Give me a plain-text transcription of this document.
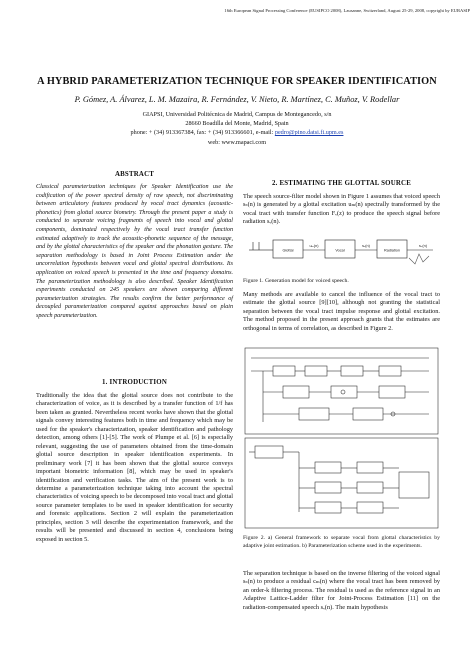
16th European Signal Processing Conference (EUSIPCO 2008), Lausanne, Switzerland, August 25-29, 2008, copyright by EURASIP
A HYBRID PARAMETERIZATION TECHNIQUE FOR SPEAKER IDENTIFICATION
P. Gómez, A. Álvarez, L. M. Mazaira, R. Fernández, V. Nieto, R. Martínez, C. Muñoz, V. Rodellar
GIAPSI, Universidad Politécnica de Madrid, Campus de Montegancedo, s/n
28660 Boadilla del Monte, Madrid, Spain
phone: + (34) 913367384, fax: + (34) 913366601, e-mail: pedro@pino.datsi.fi.upm.es
web: www.mapaci.com
ABSTRACT
Classical parameterization techniques for Speaker Identification use the codification of the power spectral density of raw speech, not discriminating between articulatory features produced by vocal tract dynamics (acoustic-phonetics) from glottal source biometry. Through the present paper a study is conducted to separate voicing fragments of speech into vocal and glottal components, dominated respectively by the vocal tract transfer function estimated adaptively to track the acoustic-phonetic sequence of the message, and by the glottal characteristics of the speaker and the phonation gesture. The separation methodology is based in Joint Process Estimation under the uncorrelation hypothesis between vocal and glottal spectral distributions. Its application on voiced speech is presented in the time and frequency domains. The parameterization methodology is also described. Speaker Identification experiments conducted on 245 speakers are shown comparing different parameterization strategies. The results confirm the better performance of decoupled parameterization compared against approaches based on plain speech parameterization.
1. INTRODUCTION
Traditionally the idea that the glottal source does not contribute to the characterization of voice, as it is described by a transfer function of 1/f has been taken as granted. Nevertheless recent works have shown that the glottal signals convey interesting features both in time and frequency which may be used for the speaker's characterization, speaker identification and pathology detection, among others [1]-[5]. The work of Plumpe et al. [6] is especially relevant, suggesting the use of parameters obtained from the time-domain glottal source description in speaker identification experiments. In preliminary work [7] it has been shown that the glottal source conveys important biometric information [8], which may be used in speaker's identification and verification tasks. The aim of the present work is to determine a parameterization technique taking into account the spectral characteristics of voicing speech to be decomposed into vocal tract and glottal source parameter templates to be used in speaker identification for security and forensic applications. Section 2 will explain the parameterization principles, section 3 will describe the experimentation framework, and the results will be presented and discussed in section 4, conclusions being exposed in section 5.
2. ESTIMATING THE GLOTTAL SOURCE
The speech source-filter model shown in Figure 1 assumes that voiced speech sₛ(n) is generated by a glottal excitation uₘ(n) spectrally transformed by the vocal tract with transfer function Fᵥ(z) to produce the speech signal before radiation sᵥ(n).
Glottal	Vocal	Radiation
uₘ(n)	sᵥ(n)	sₛ(n)
Figure 1. Generation model for voiced speech.
Many methods are available to cancel the influence of the vocal tract to estimate the glottal source [9][10], although not granting the statistical separation between the vocal tract impulse response and glottal excitation. The method proposed in the present approach grants that the estimates are orthogonal in terms of correlation, as described in Figure 2.
Figure 2. a) General framework to separate vocal from glottal characteristics by adaptive joint estimation. b) Parameterization scheme used in the experiments.
The separation technique is based on the inverse filtering of the voiced signal sₛ(n) to produce a residual cₘ(n) where the vocal tract has been removed by an order-k filtering process. The residual is used as the reference signal in an Adaptive Lattice-Ladder filter for Joint-Process Estimation [11] on the radiation-compensated speech sᵥ(n). The main hypothesis
